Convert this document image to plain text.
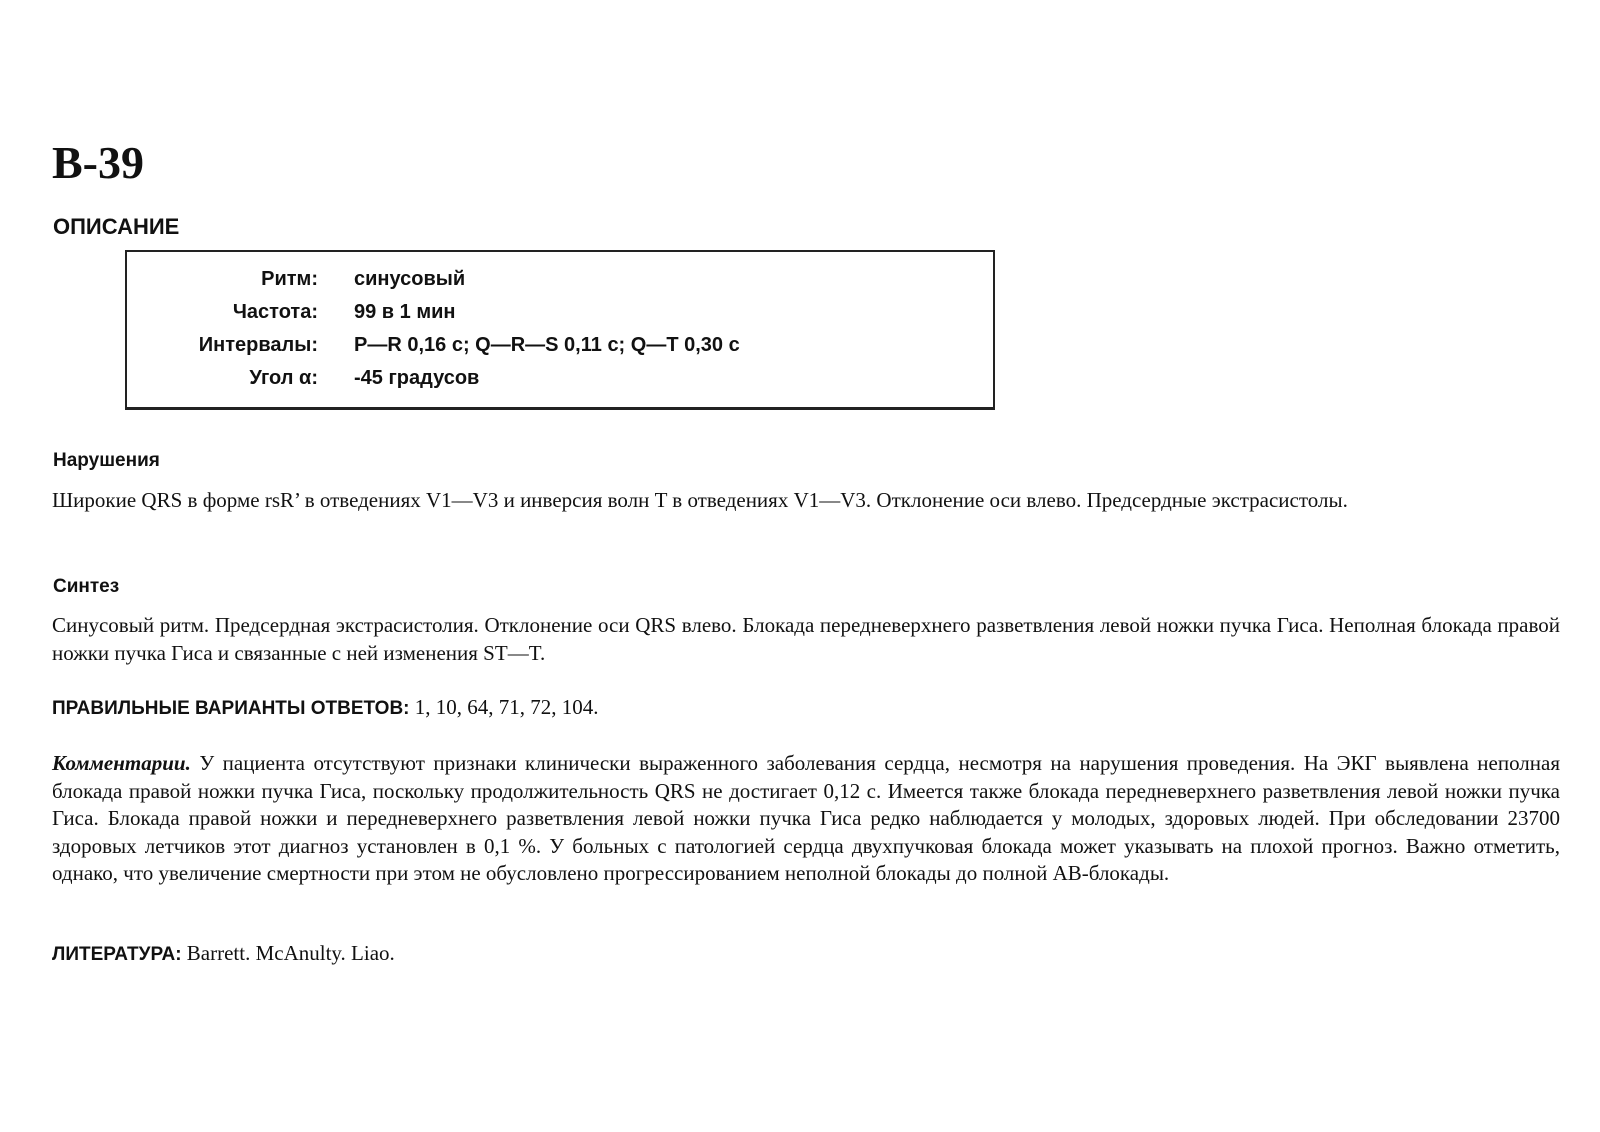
B-39
ОПИСАНИЕ
Ритм: синусовый
Частота: 99 в 1 мин
Интервалы: P—R 0,16 с; Q—R—S 0,11 с; Q—T 0,30 с
Угол α: -45 градусов
Нарушения

Широкие QRS в форме rsR’ в отведениях V1—V3 и инверсия волн T в отведениях V1—V3. Отклонение оси влево. Предсердные экстрасистолы.

Синтез

Синусовый ритм. Предсердная экстрасистолия. Отклонение оси QRS влево. Блокада передневерхнего разветвления левой ножки пучка Гиса. Неполная блокада правой ножки пучка Гиса и связанные с ней изменения ST—T.

ПРАВИЛЬНЫЕ ВАРИАНТЫ ОТВЕТОВ: 1, 10, 64, 71, 72, 104.

Комментарии. У пациента отсутствуют признаки клинически выраженного заболевания сердца, несмотря на нарушения проведения. На ЭКГ выявлена неполная блокада правой ножки пучка Гиса, поскольку продолжительность QRS не достигает 0,12 с. Имеется также блокада передневерхнего разветвления левой ножки пучка Гиса. Блокада правой ножки и передневерхнего разветвления левой ножки пучка Гиса редко наблюдается у молодых, здоровых людей. При обследовании 23700 здоровых летчиков этот диагноз установлен в 0,1 %. У больных с патологией сердца двухпучковая блокада может указывать на плохой прогноз. Важно отметить, однако, что увеличение смертности при этом не обусловлено прогрессированием неполной блокады до полной АВ-блокады.

ЛИТЕРАТУРА: Barrett. McAnulty. Liao.
